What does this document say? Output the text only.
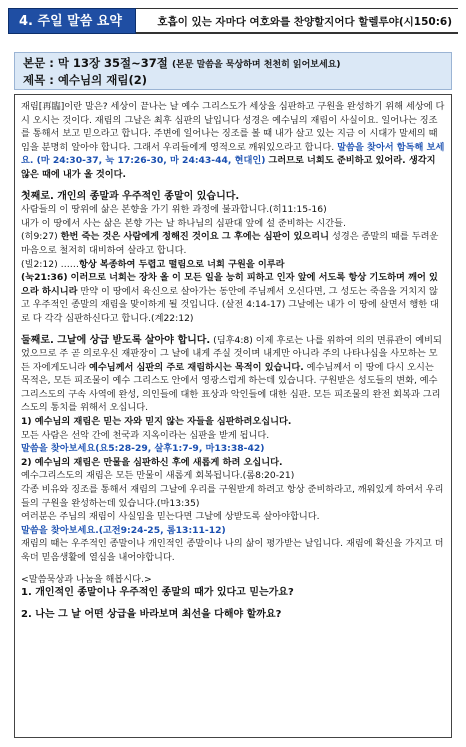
4. 주일 말씀 요약	호흡이 있는 자마다 여호와를 찬양할지어다 할렐루야(시150:6)
본문 : 막 13장 35절~37절 (본문 말씀을 묵상하며 천천히 읽어보세요)
제목 : 예수님의 재림(2)

재림[再臨]이란 말은? 세상이 끝나는 날 예수 그리스도가 세상을 심판하고 구원을 완성하기 위해 세상에 다시 오시는 것이다. 재림의 그날은 최후 심판의 날입니다 성경은 예수님의 재림이 사실이요. 일어나는 징조를 통해서 보고 믿으라고 합니다. 주변에 일어나는 징조를 볼 때 내가 살고 있는 지금 이 시대가 말세의 때임을 분명히 알아야 합니다. 그래서 우리들에게 영적으로 깨워있으라고 합니다. 말씀을 찾아서 함독해 보세요. (마 24:30-37, 눅 17:26-30, 마 24:43-44, 현대인) 그러므로 너희도 준비하고 있어라. 생각지 않은 때에 내가 올 것이다.

첫째로. 개인의 종말과 우주적인 종말이 있습니다.

사람들의 이 땅위에 삶은 본향을 가기 위한 과정에 불과합니다.(히11:15-16)

내가 이 땅에서 사는 삶은 본향 가는 날 하나님의 심판대 앞에 설 준비하는 시간들.

(히9:27) 한번 죽는 것은 사람에게 정해진 것이요 그 후에는 심판이 있으리니 성경은 종말의 때를 두려운 마음으로 철저히 대비하여 살라고 합니다.

(빌2:12) ……항상 복종하여 두렵고 떨림으로 너희 구원을 이루라

(눅21:36) 이러므로 너희는 장차 올 이 모든 일을 능히 피하고 인자 앞에 서도록 항상 기도하며 깨어 있으라 하시니라 만약 이 땅에서 육신으로 살아가는 동안에 주님께서 오신다면, 그 성도는 죽음을 거치지 않고 우주적인 종말의 재림을 맞이하게 될 것입니다. (살전 4:14-17) 그날에는 내가 이 땅에 살면서 행한 대로 다 각각 심판하신다고 합니다.(계22:12)

둘째로. 그날에 상급 받도록 살아야 합니다. (딤후4:8) 이제 후로는 나를 위하여 의의 면류관이 예비되었으므로 주 곧 의로우신 재판장이 그 날에 내게 주실 것이며 내게만 아니라 주의 나타나심을 사모하는 모든 자에게도니라 예수님께서 심판의 주로 재림하시는 목적이 있습니다. 예수님께서 이 땅에 다시 오시는 목적은, 모든 피조물이 예수 그리스도 안에서 영광스럽게 하는데 있습니다. 구원받은 성도들의 변화, 예수그리스도의 구속 사역에 완성, 의인들에 대한 표상과 악인들에 대한 심판. 모든 피조물의 완전 회복과 그리스도의 통치를 위해서 오십니다.

1) 예수님의 재림은 믿는 자와 믿지 않는 자들을 심판하려오십니다.

모든 사람은 선악 간에 천국과 지옥이라는 심판을 받게 됩니다.

말씀을 찾아보세요(요5:28-29, 살후1:7-9, 마13:38-42)

2) 예수님의 재림은 만물을 심판하신 후에 새롭게 하려 오십니다.

예수그리스도의 재림은 모든 만물이 새롭게 회복됩니다.(롬8:20-21)

각종 비유와 징조를 통해서 재림의 그날에 우리를 구원받게 하려고 항상 준비하라고, 깨워있게 하여서 우리들의 구원을 완성하는데 있습니다.(마13:35)

여러분은 주님의 재림이 사실임을 믿는다면 그날에 상받도록 살아야합니다.

말씀을 찾아보세요.(고전9:24-25, 롬13:11-12)

재림의 때는 우주적인 종말이나 개인적인 종말이나 나의 삶이 평가받는 날입니다. 재림에 확신을 가지고 더욱더 믿음생활에 열심을 내어야합니다.

<말씀묵상과 나눔을 해봅시다.>

1. 개인적인 종말이나 우주적인 종말의 때가 있다고 믿는가요?

2. 나는 그 날 어떤 상급을 바라보며 최선을 다해야 할까요?
